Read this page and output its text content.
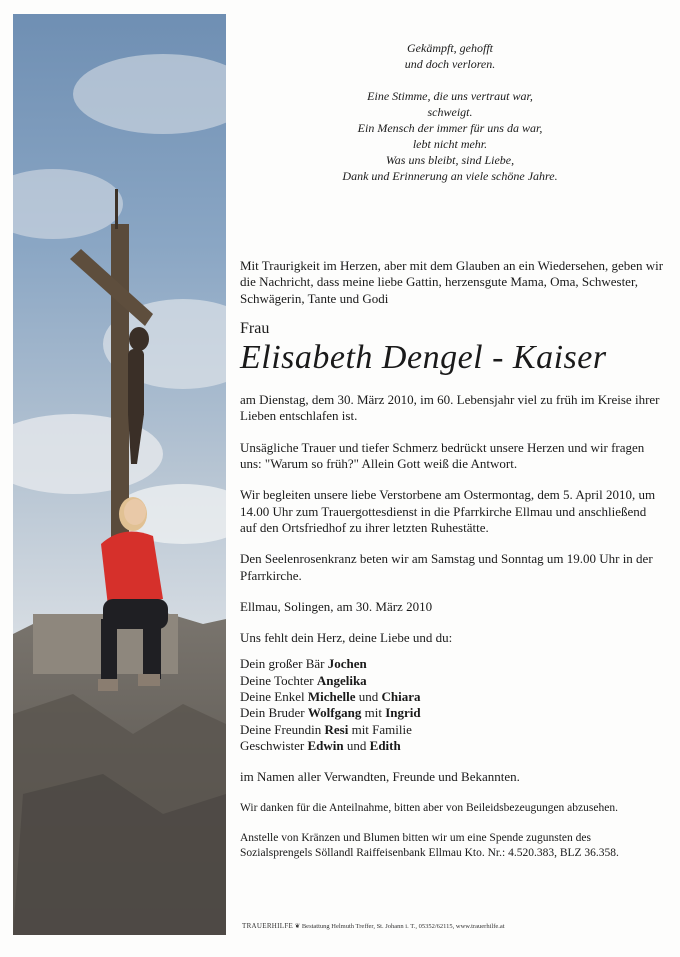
Gekämpft, gehofft
und doch verloren.
Eine Stimme, die uns vertraut war,
schweigt.
Ein Mensch der immer für uns da war,
lebt nicht mehr.
Was uns bleibt, sind Liebe,
Dank und Erinnerung an viele schöne Jahre.

Mit Traurigkeit im Herzen, aber mit dem Glauben an ein Wiedersehen, geben wir die Nachricht, dass meine liebe Gattin, herzensgute Mama, Oma, Schwester, Schwägerin, Tante und Godi

Frau

Elisabeth Dengel - Kaiser

am Dienstag, dem 30. März 2010, im 60. Lebensjahr viel zu früh im Kreise ihrer Lieben entschlafen ist.

Unsägliche Trauer und tiefer Schmerz bedrückt unsere Herzen und wir fragen uns: "Warum so früh?" Allein Gott weiß die Antwort.

Wir begleiten unsere liebe Verstorbene am Ostermontag, dem 5. April 2010, um 14.00 Uhr zum Trauergottesdienst in die Pfarrkirche Ellmau und anschließend auf den Ortsfriedhof zu ihrer letzten Ruhestätte.

Den Seelenrosenkranz beten wir am Samstag und Sonntag um 19.00 Uhr in der Pfarrkirche.

Ellmau, Solingen, am 30. März 2010

Uns fehlt dein Herz, deine Liebe und du:

Dein großer Bär Jochen
Deine Tochter Angelika
Deine Enkel Michelle und Chiara
Dein Bruder Wolfgang mit Ingrid
Deine Freundin Resi mit Familie
Geschwister Edwin und Edith

im Namen aller Verwandten, Freunde und Bekannten.

Wir danken für die Anteilnahme, bitten aber von Beileidsbezeugungen abzusehen.

Anstelle von Kränzen und Blumen bitten wir um eine Spende zugunsten des Sozialsprengels Söllandl Raiffeisenbank Ellmau Kto. Nr.: 4.520.383, BLZ 36.358.

TRAUERHILFE ❦ Bestattung Helmuth Treffer, St. Johann i. T., 05352/62115, www.trauerhilfe.at
